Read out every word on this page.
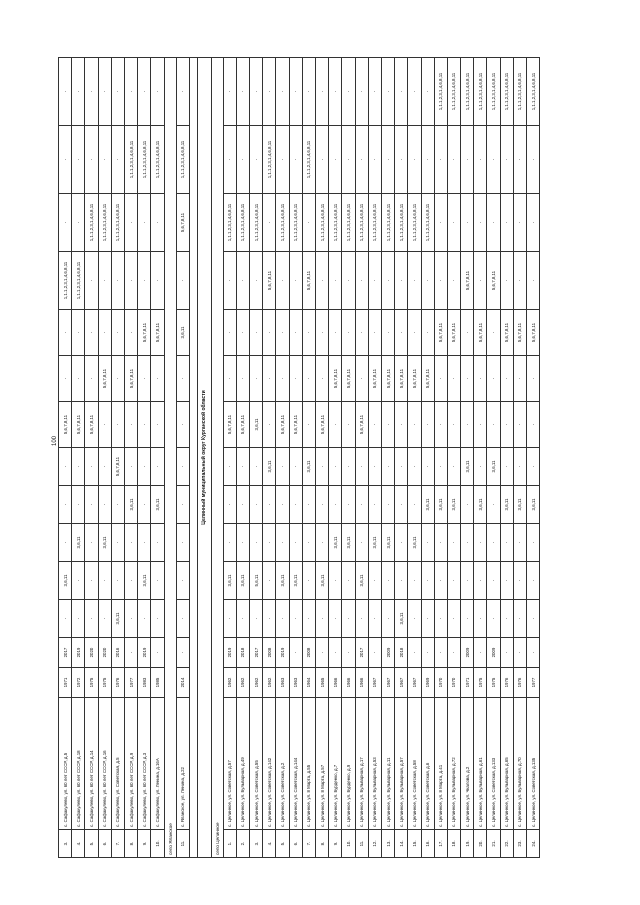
100
3.	с. Сафакулево, ул. 60 лет СССР, д.5	1971	2017	-	3,6,11	-	-	-	5,6,7,8,11	-	-	1,1.1,2,3,1,4,6,8,11	-	-	-
4.	с. Сафакулево, ул. 60 лет СССР, д.18	1972	2019	-	-	3,6,11	-	-	5,6,7,8,11	-	-	1,1.1,2,3,1,4,6,8,11	-	-	-
5.	с. Сафакулево, ул. 60 лет СССР, д.14	1975	2020	-	-	-	-	-	5,6,7,8,11	-	-	-	1,1.1,2,3,1,4,6,8,11	-	-
6.	с. Сафакулево, ул. 60 лет СССР, д.16	1975	2020	-	-	3,6,11	-	-	-	5,6,7,8,11	-	-	1,1.1,2,3,1,4,6,8,11	-	-
7.	с. Сафакулево, ул. Советская, д.5	1976	2016	3,6,11	-	-	-	5,6,7,8,11	-	-	-	-	1,1.1,2,3,1,4,6,8,11	-	-
8.	с. Сафакулево, ул. 60 лет СССР, д.9	1977	-	-	-	-	3,6,11	-	-	5,6,7,8,11	-	-	-	1,1.1,2,3,1,4,6,8,11	-
9.	с. Сафакулево, ул. 60 лет СССР, д.3	1983	2019	-	3,6,11	-	-	-	-	-	5,6,7,8,11	-	-	1,1.1,2,3,1,4,6,8,11	-
10.	с. Сафакулево, ул. Ленина, д.16А	1985	-	-	-	-	3,6,11	-	-	-	5,6,7,8,11	-	-	1,1.1,2,3,1,4,6,8,11	-
село Яланское															
11.	с. Яланское, ул. Ленина, д.22	2014	-	-	-	-	-	-	-	-	3,6,11	-	5,6,7,8,11	1,1.1,2,3,1,4,6,8,11	-

Целинный муниципальный округ Курганской области															
село Целинное															
1.	с. Целинное, ул. Советская, д.57	1962	2019	-	3,6,11	-	-	-	5,6,7,8,11	-	-	-	1,1.1,2,3,1,4,6,8,11	-	-
2.	с. Целинное, ул. Бульварная, д.49	1962	2018	-	3,6,11	-	-	-	5,6,7,8,11	-	-	-	1,1.1,2,3,1,4,6,8,11	-	-
3.	с. Целинное, ул. Советская, д.55	1962	2017	-	5,6,11	-	-	-	3,6,11	-	-	-	1,1.1,2,3,1,4,6,8,11	-	-
4.	с. Целинное, ул. Советская, д.142	1962	2008	-	-	-	-	3,6,11	-	-	-	5,6,7,8,11	-	1,1.1,2,3,1,4,6,8,11	-
5.	с. Целинное, ул. Советская, д.2	1963	2019	-	3,6,11	-	-	-	5,6,7,8,11	-	-	-	1,1.1,2,3,1,4,6,8,11	-	-
6.	с. Целинное, ул. Советская, д.144	1963	-	-	3,6,11	-	-	-	5,6,7,8,11	-	-	-	1,1.1,2,3,1,4,6,8,11	-	-
7.	с. Целинное, ул. 8 Марта, д.55	1964	2008	-	-	-	-	3,6,11	-	-	-	5,6,7,8,11	-	1,1.1,2,3,1,4,6,8,11	-
8.	с. Целинное, ул. 8 Марта, д.57	1965	-	-	3,6,11	-	-	-	5,6,7,8,11	-	-	-	1,1.1,2,3,1,4,6,8,11	-	-
9.	с. Целинное, ул. Бурденко, д.7	1966	-	-	-	3,6,11	-	-	-	5,6,7,8,11	-	-	1,1.1,2,3,1,4,6,8,11	-	-
10.	с. Целинное, ул. Бурденко, д.9	1966	-	-	-	3,6,11	-	-	-	5,6,7,8,11	-	-	1,1.1,2,3,1,4,6,8,11	-	-
11.	с. Целинное, ул. Бульварная, д.17	1966	2017	-	3,6,11	-	-	-	5,6,7,8,11	-	-	-	1,1.1,2,3,1,4,6,8,11	-	-
12.	с. Целинное, ул. Бульварная, д.53	1967	-	-	-	3,6,11	-	-	-	5,6,7,8,11	-	-	1,1.1,2,3,1,4,6,8,11	-	-
13.	с. Целинное, ул. Бульварная, д.11	1967	2009	-	-	3,6,11	-	-	-	5,6,7,8,11	-	-	1,1.1,2,3,1,4,6,8,11	-	-
14.	с. Целинное, ул. Бульварная, д.57	1967	2018	3,6,11	-	-	-	-	-	5,6,7,8,11	-	-	1,1.1,2,3,1,4,6,8,11	-	-
15.	с. Целинное, ул. Советская, д.58	1967	-	-	-	3,6,11	-	-	-	5,6,7,8,11	-	-	1,1.1,2,3,1,4,6,8,11	-	-
16.	с. Целинное, ул. Советская, д.6	1969	-	-	-	-	3,6,11	-	-	5,6,7,8,11	-	-	1,1.1,2,3,1,4,6,8,11	-	-
17.	с. Целинное, ул. 8 Марта, д.41	1970	-	-	-	-	3,6,11	-	-	-	5,6,7,8,11	-	-	-	1,1.1,2,3,1,4,6,8,11
18.	с. Целинное, ул. Бульварная, д.72	1970	-	-	-	-	3,6,11	-	-	-	5,6,7,8,11	-	-	-	1,1.1,2,3,1,4,6,8,11
19.	с. Целинное, ул. Чкалова, д.2	1971	2009	-	-	-	-	3,6,11	-	-	-	5,6,7,8,11	-	-	1,1.1,2,3,1,4,6,8,11
20.	с. Целинное, ул. Бульварная, д.61	1975	-	-	-	-	3,6,11	-	-	-	5,6,7,8,11	-	-	-	1,1.1,2,3,1,4,6,8,11
21.	с. Целинное, ул. Советская, д.133	1975	2009	-	-	-	-	3,6,11	-	-	-	5,6,7,8,11	-	-	1,1.1,2,3,1,4,6,8,11
22.	с. Целинное, ул. Бульварная, д.65	1976	-	-	-	-	3,6,11	-	-	-	5,6,7,8,11	-	-	-	1,1.1,2,3,1,4,6,8,11
23.	с. Целинное, ул. Бульварная, д.70	1976	-	-	-	-	3,6,11	-	-	-	5,6,7,8,11	-	-	-	1,1.1,2,3,1,4,6,8,11
24.	с. Целинное, ул. Советская, д.135	1977	-	-	-	-	3,6,11	-	-	-	5,6,7,8,11	-	-	-	1,1.1,2,3,1,4,6,8,11
